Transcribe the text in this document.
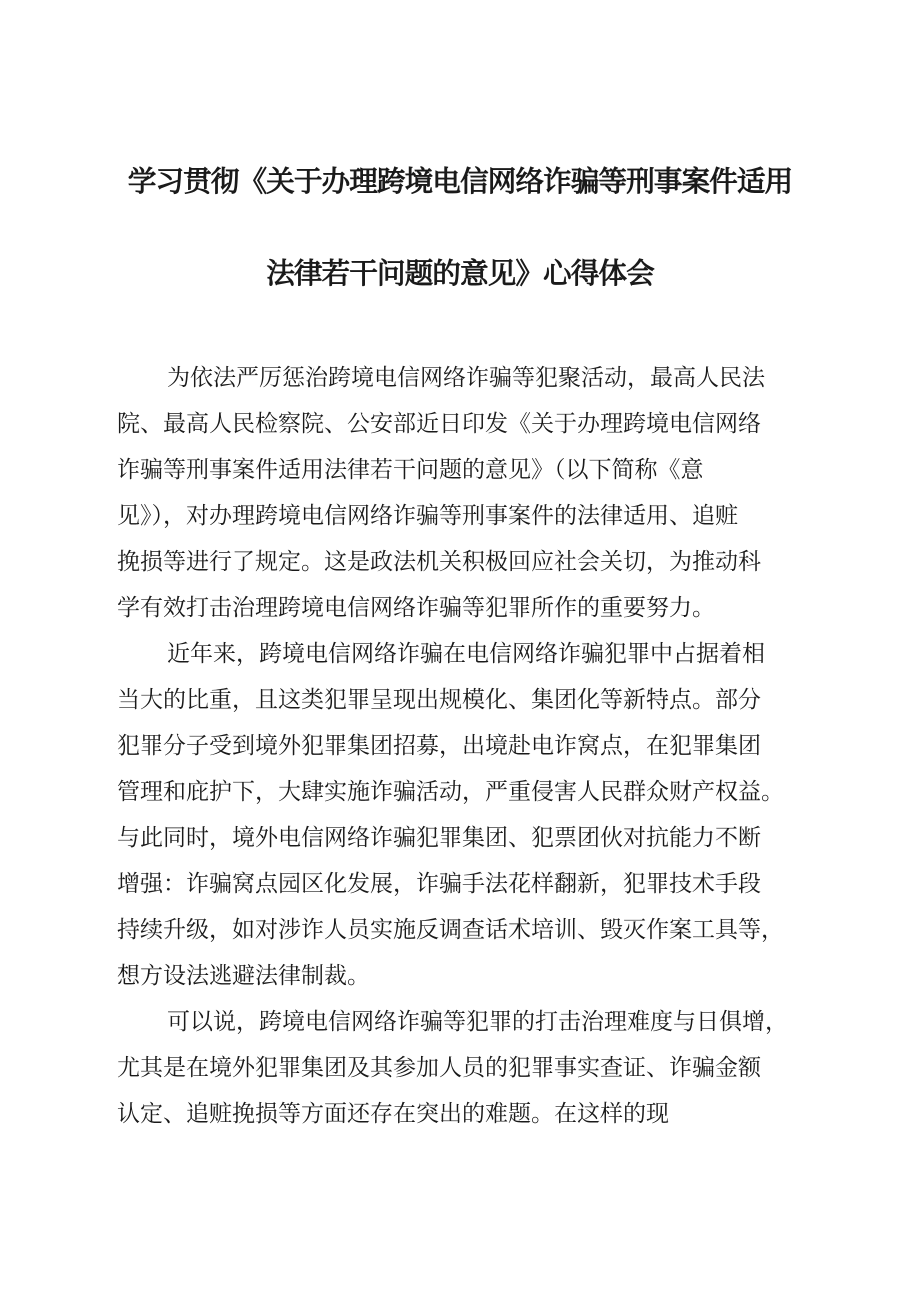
学习贯彻《关于办理跨境电信网络诈骗等刑事案件适用
法律若干问题的意见》心得体会
为依法严厉惩治跨境电信网络诈骗等犯聚活动，最高人民法
院、最高人民检察院、公安部近日印发《关于办理跨境电信网络
诈骗等刑事案件适用法律若干问题的意见》（以下简称《意
见》），对办理跨境电信网络诈骗等刑事案件的法律适用、追赃
挽损等进行了规定。这是政法机关积极回应社会关切，为推动科
学有效打击治理跨境电信网络诈骗等犯罪所作的重要努力。
近年来，跨境电信网络诈骗在电信网络诈骗犯罪中占据着相
当大的比重，且这类犯罪呈现出规模化、集团化等新特点。部分
犯罪分子受到境外犯罪集团招募，出境赴电诈窝点，在犯罪集团
管理和庇护下，大肆实施诈骗活动，严重侵害人民群众财产权益。
与此同时，境外电信网络诈骗犯罪集团、犯票团伙对抗能力不断
增强：诈骗窝点园区化发展，诈骗手法花样翻新，犯罪技术手段
持续升级，如对涉诈人员实施反调查话术培训、毁灭作案工具等，
想方设法逃避法律制裁。
可以说，跨境电信网络诈骗等犯罪的打击治理难度与日俱增，
尤其是在境外犯罪集团及其参加人员的犯罪事实查证、诈骗金额
认定、追赃挽损等方面还存在突出的难题。在这样的现
